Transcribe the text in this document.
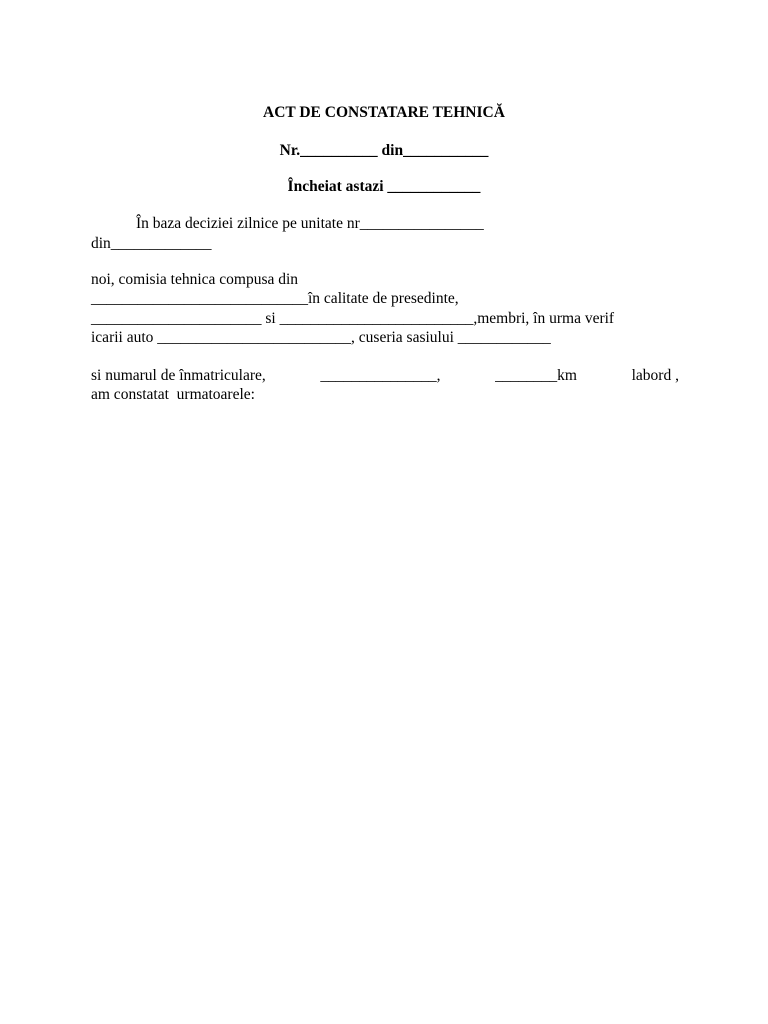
ACT DE CONSTATARE TEHNICĂ
Nr.__________ din___________
Încheiat astazi ____________
În baza deciziei zilnice pe unitate nr________________
din_____________
noi, comisia tehnica compusa din
____________________________în calitate de presedinte,
______________________ si _________________________,membri, în urma verif
icarii auto _________________________, cuseria sasiului ____________
si numarul de înmatriculare,	_______________,	________km	labord ,
am constatat  urmatoarele:
